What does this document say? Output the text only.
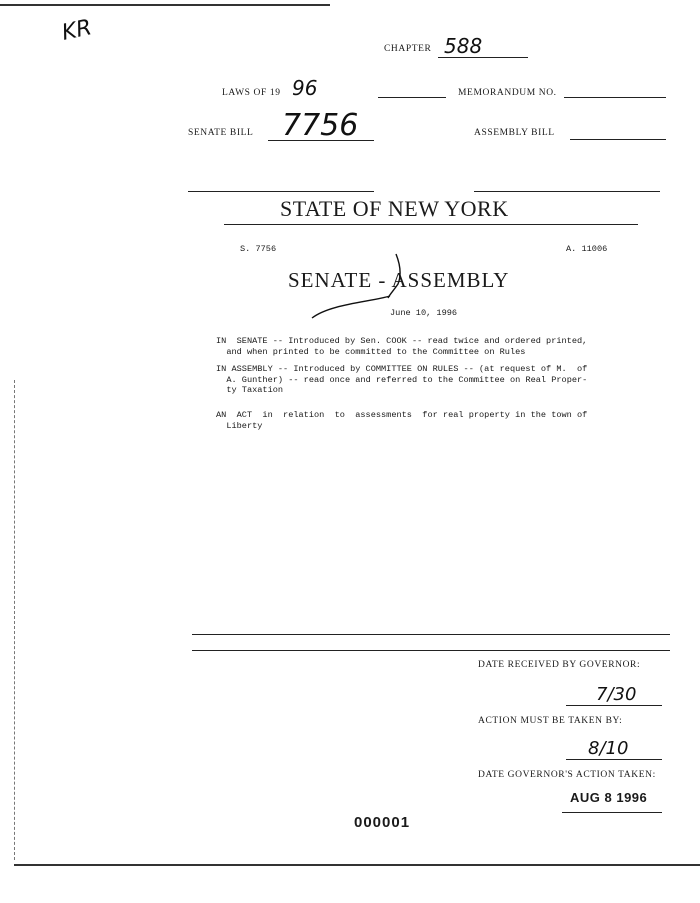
KR
CHAPTER 588
LAWS OF 19 96	MEMORANDUM NO.
SENATE BILL 7756	ASSEMBLY BILL
STATE OF NEW YORK
S. 7756	A. 11006
SENATE - ASSEMBLY
June 10, 1996
IN  SENATE -- Introduced by Sen. COOK -- read twice and ordered printed,
and when printed to be committed to the Committee on Rules
IN ASSEMBLY -- Introduced by COMMITTEE ON RULES -- (at request of M.  of
A. Gunther) -- read once and referred to the Committee on Real Proper-
ty Taxation
AN  ACT  in  relation  to  assessments  for real property in the town of
Liberty
DATE RECEIVED BY GOVERNOR:
7/30
ACTION MUST BE TAKEN BY:
8/10
DATE GOVERNOR'S ACTION TAKEN:
AUG 8 1996
000001
